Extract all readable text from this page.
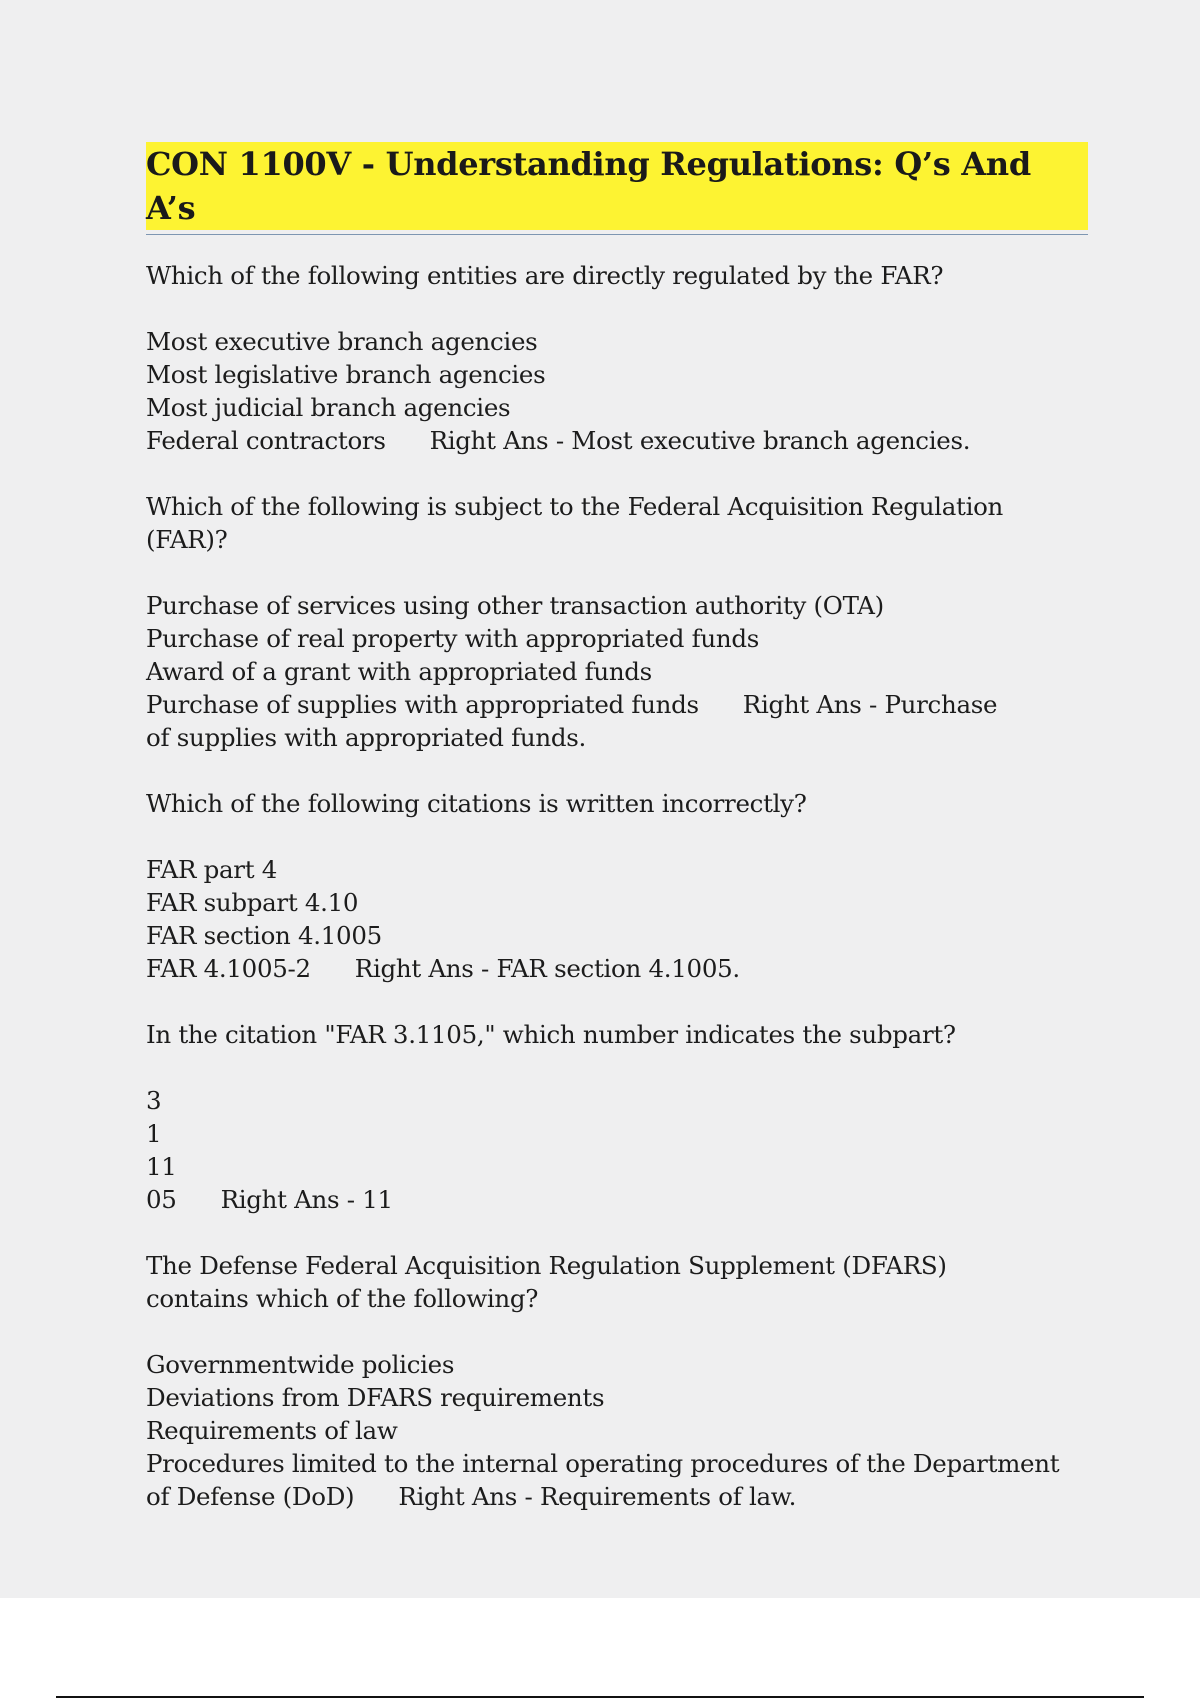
CON 1100V - Understanding Regulations: Q’s And A’s

Which of the following entities are directly regulated by the FAR?

Most executive branch agencies
Most legislative branch agencies
Most judicial branch agencies
Federal contractors Right Ans - Most executive branch agencies.

Which of the following is subject to the Federal Acquisition Regulation (FAR)?

Purchase of services using other transaction authority (OTA)
Purchase of real property with appropriated funds
Award of a grant with appropriated funds
Purchase of supplies with appropriated funds Right Ans - Purchase of supplies with appropriated funds.

Which of the following citations is written incorrectly?

FAR part 4
FAR subpart 4.10
FAR section 4.1005
FAR 4.1005-2 Right Ans - FAR section 4.1005.

In the citation "FAR 3.1105," which number indicates the subpart?

3
1
11
05 Right Ans - 11

The Defense Federal Acquisition Regulation Supplement (DFARS) contains which of the following?

Governmentwide policies
Deviations from DFARS requirements
Requirements of law
Procedures limited to the internal operating procedures of the Department of Defense (DoD) Right Ans - Requirements of law.
